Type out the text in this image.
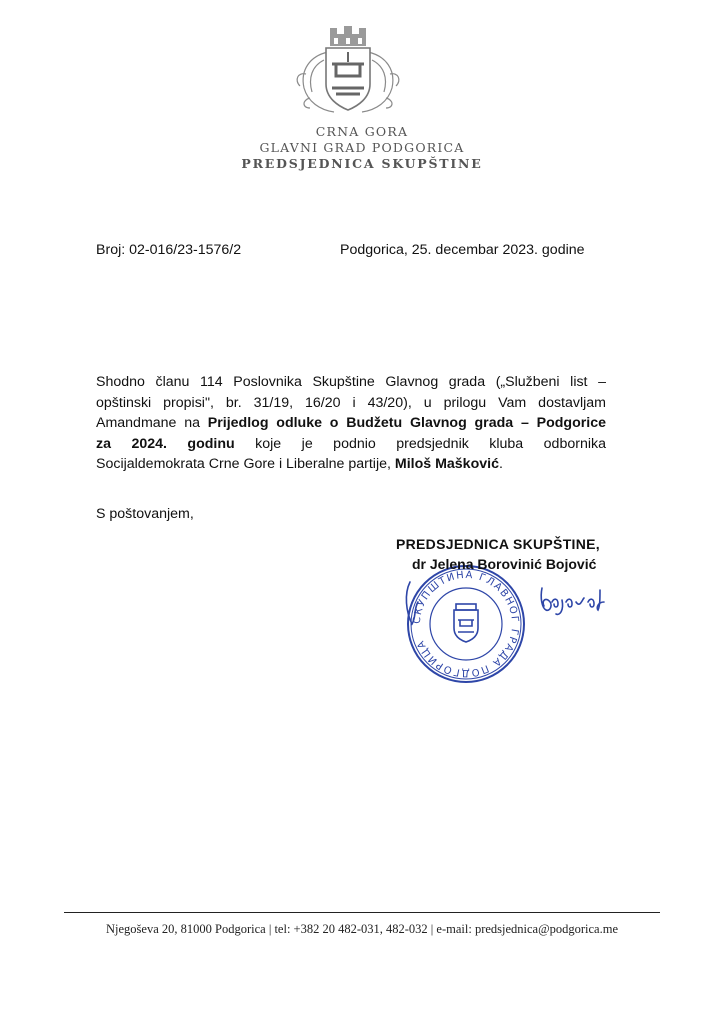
CRNA GORA
GLAVNI GRAD PODGORICA
PREDSJEDNICA SKUPŠTINE
Broj: 02-016/23-1576/2	Podgorica, 25. decembar 2023. godine
Shodno članu 114 Poslovnika Skupštine Glavnog grada („Službeni list –
opštinski propisi", br. 31/19, 16/20 i 43/20), u prilogu Vam dostavljam
Amandmane na Prijedlog odluke o Budžetu Glavnog grada – Podgorice
za 2024. godinu koje je podnio predsjednik kluba odbornika
Socijaldemokrata Crne Gore i Liberalne partije, Miloš Mašković.
S poštovanjem,
СКУПШТИНА ГЛАВНОГ ГРАДА ПОДГОРИЦА
PREDSJEDNICA SKUPŠTINE,
dr Jelena Borovinić Bojović
Njegoševa 20, 81000 Podgorica | tel: +382 20 482-031, 482-032 | e-mail: predsjednica@podgorica.me
